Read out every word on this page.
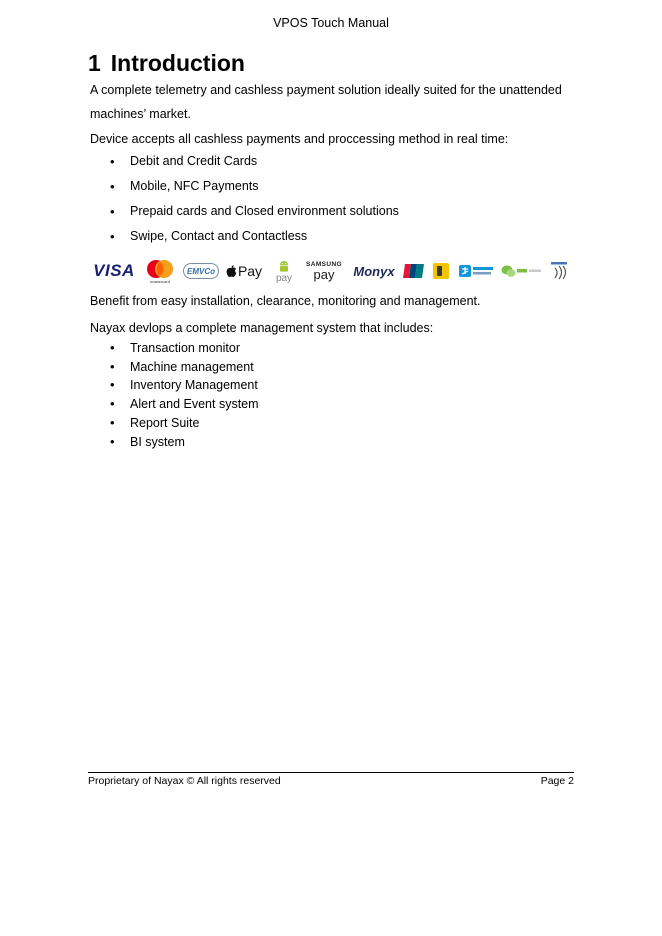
VPOS Touch Manual
1 Introduction

A complete telemetry and cashless payment solution ideally suited for the unattended machines’ market.

Device accepts all cashless payments and proccessing method in real time:

• Debit and Credit Cards
• Mobile, NFC Payments
• Prepaid cards and Closed environment solutions
• Swipe, Contact and Contactless
VISA
mastercard
EMVCo Pay pay
SAMSUNG
pay Monyx

Benefit from easy installation, clearance, monitoring and management.

Nayax devlops a complete management system that includes:

• Transaction monitor
• Machine management
• Inventory Management
• Alert and Event system
• Report Suite
• BI system
Proprietary of Nayax © All rights reserved	Page 2
